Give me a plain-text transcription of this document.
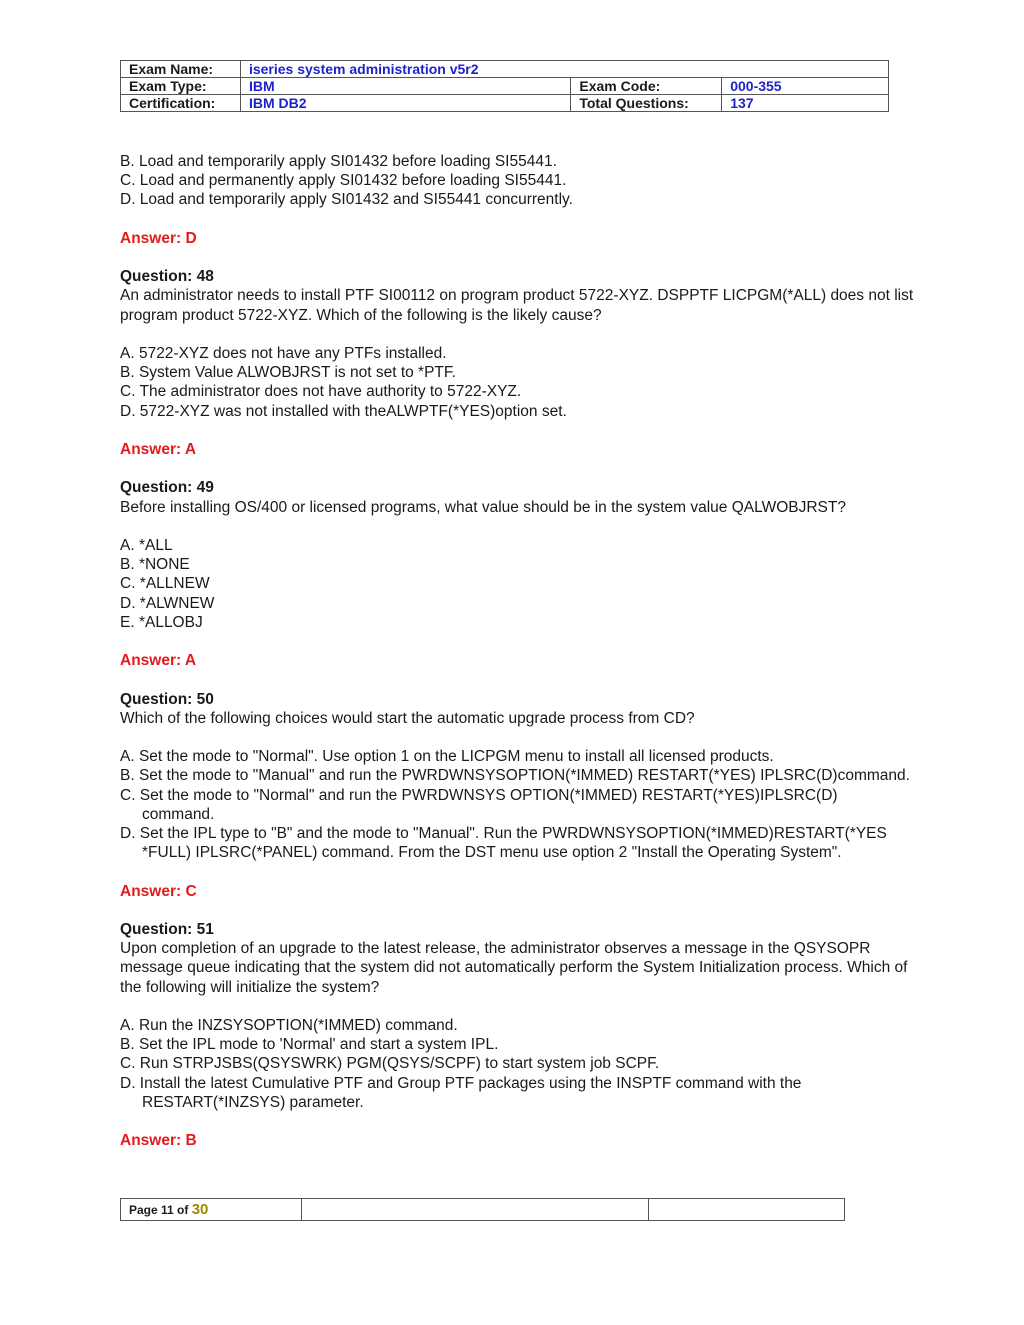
Exam Name:	iseries system administration v5r2		
Exam Type:	IBM	Exam Code:	000-355
Certification:	IBM DB2	Total Questions:	137
B. Load and temporarily apply SI01432 before loading SI55441.
C. Load and permanently apply SI01432 before loading SI55441.
D. Load and temporarily apply SI01432 and SI55441 concurrently.
Answer: D
Question: 48
An administrator needs to install PTF SI00112 on program product 5722-XYZ. DSPPTF LICPGM(*ALL) does not list
program product 5722-XYZ. Which of the following is the likely cause?
A. 5722-XYZ does not have any PTFs installed.
B. System Value ALWOBJRST is not set to *PTF.
C. The administrator does not have authority to 5722-XYZ.
D. 5722-XYZ was not installed with theALWPTF(*YES)option set.
Answer: A
Question: 49
Before installing OS/400 or licensed programs, what value should be in the system value QALWOBJRST?
A. *ALL
B. *NONE
C. *ALLNEW
D. *ALWNEW
E. *ALLOBJ
Answer: A
Question: 50
Which of the following choices would start the automatic upgrade process from CD?
A. Set the mode to "Normal". Use option 1 on the LICPGM menu to install all licensed products.
B. Set the mode to "Manual" and run the PWRDWNSYSOPTION(*IMMED) RESTART(*YES) IPLSRC(D)command.
C. Set the mode to "Normal" and run the PWRDWNSYS OPTION(*IMMED) RESTART(*YES)IPLSRC(D)
command.
D. Set the IPL type to "B" and the mode to "Manual". Run the PWRDWNSYSOPTION(*IMMED)RESTART(*YES
*FULL) IPLSRC(*PANEL) command. From the DST menu use option 2 "Install the Operating System".
Answer: C
Question: 51
Upon completion of an upgrade to the latest release, the administrator observes a message in the QSYSOPR
message queue indicating that the system did not automatically perform the System Initialization process. Which of
the following will initialize the system?
A. Run the INZSYSOPTION(*IMMED) command.
B. Set the IPL mode to 'Normal' and start a system IPL.
C. Run STRPJSBS(QSYSWRK) PGM(QSYS/SCPF) to start system job SCPF.
D. Install the latest Cumulative PTF and Group PTF packages using the INSPTF command with the
RESTART(*INZSYS) parameter.
Answer: B
Page 11 of 30		
